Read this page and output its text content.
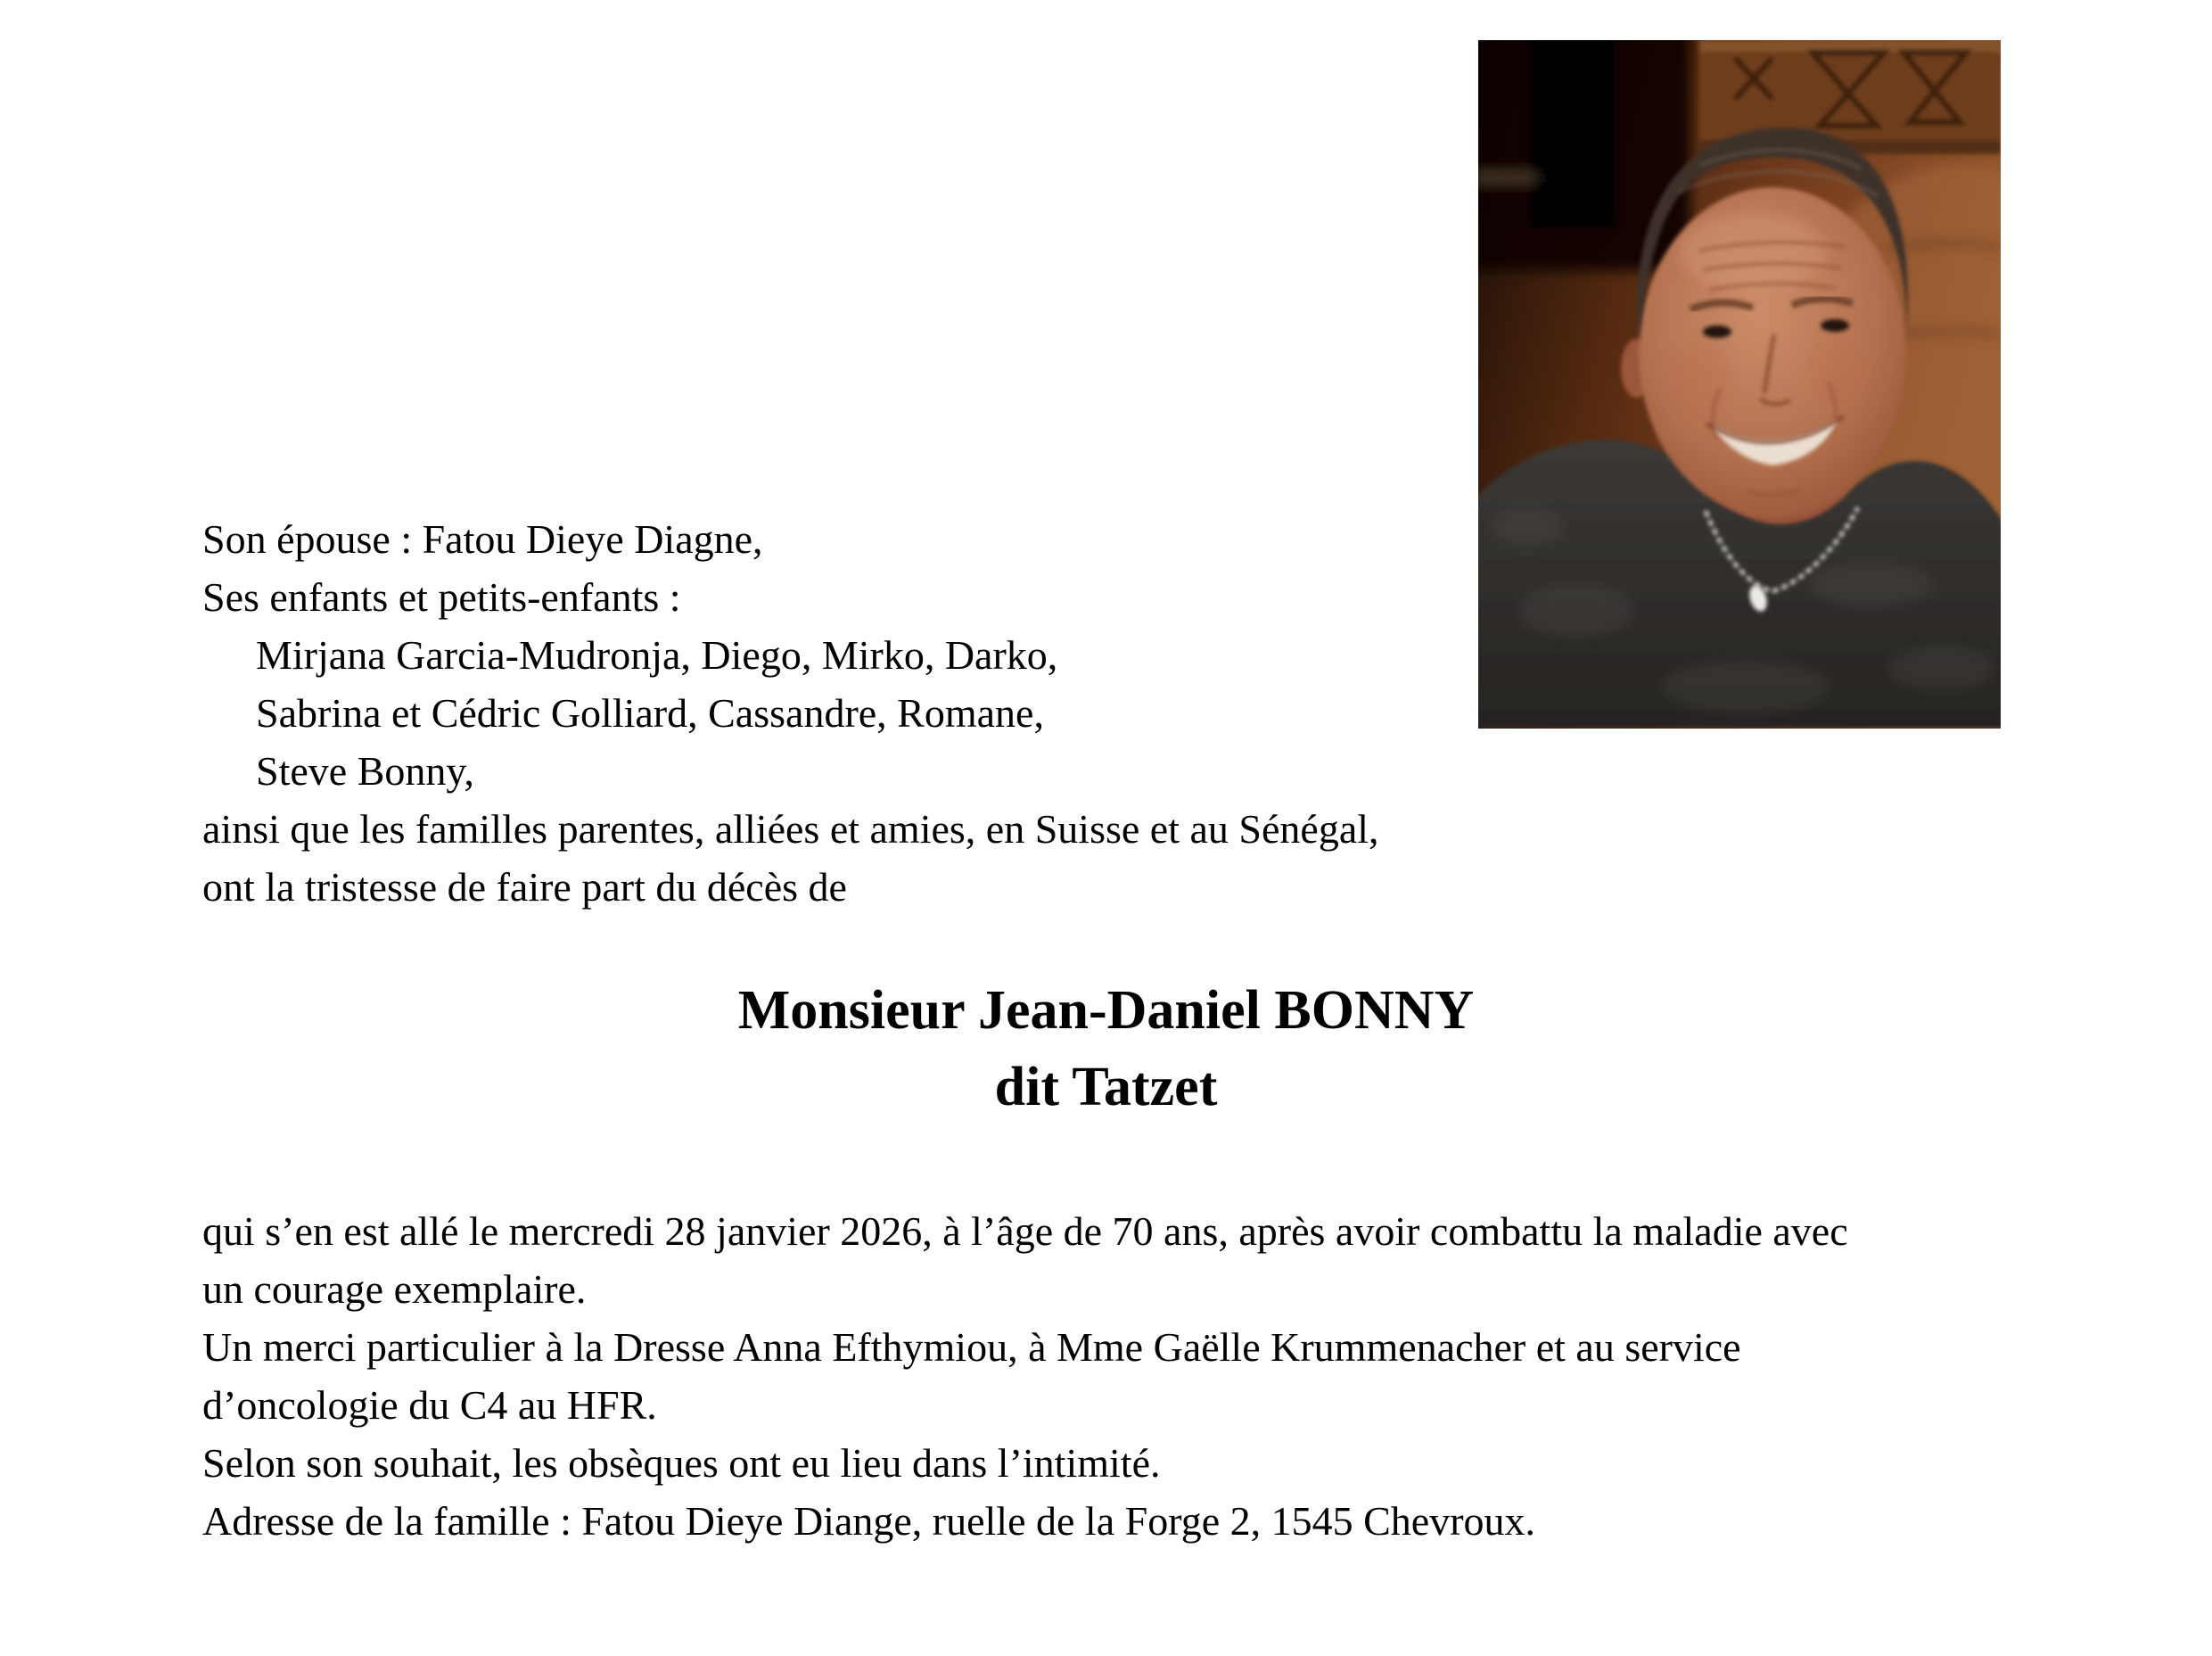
Son épouse : Fatou Dieye Diagne,
Ses enfants et petits-enfants :
Mirjana Garcia-Mudronja, Diego, Mirko, Darko,
Sabrina et Cédric Golliard, Cassandre, Romane,
Steve Bonny,
ainsi que les familles parentes, alliées et amies, en Suisse et au Sénégal,
ont la tristesse de faire part du décès de
Monsieur Jean-Daniel BONNY
dit Tatzet
qui s’en est allé le mercredi 28 janvier 2026, à l’âge de 70 ans, après avoir combattu la maladie avec
un courage exemplaire.
Un merci particulier à la Dresse Anna Efthymiou, à Mme Gaëlle Krummenacher et au service
d’oncologie du C4 au HFR.
Selon son souhait, les obsèques ont eu lieu dans l’intimité.
Adresse de la famille : Fatou Dieye Diange, ruelle de la Forge 2, 1545 Chevroux.
